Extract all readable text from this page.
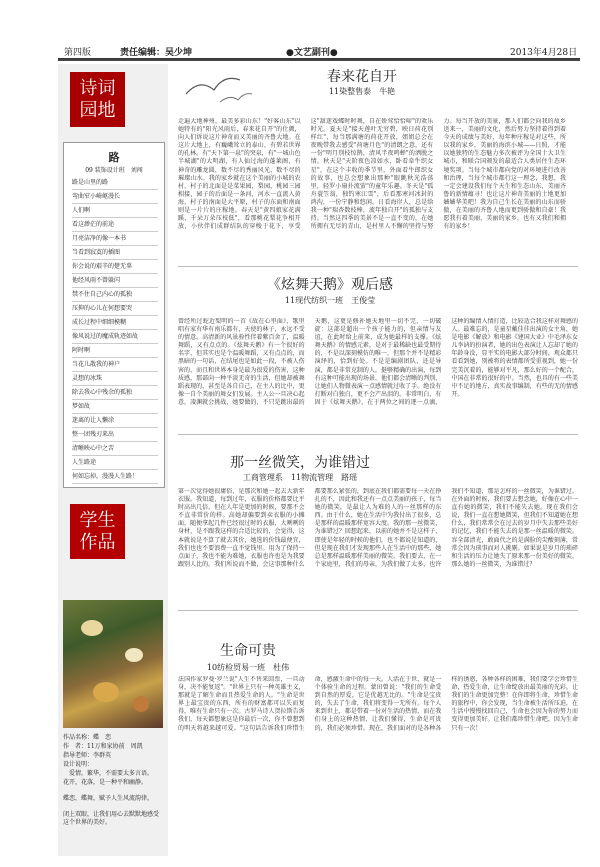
第四版	责任编辑：吴少坤	●文艺副刊●	2013年4月28日
诗词园地
路
09 装饰设计班　刘闯
路是山里的路
弯曲窄小崎岖漫长
人们啊
看这渺茫的前途
月亮洁净的像一本书
当看到寂寞的插图
你会说的艰辛的楚无辜
他经风雨不曾躲闪
禁不住自己内心的孤独
压抑的心儿在何想要哭
成长过程中细细模糊
像风说过的魔成轨迹如故
阿时啊
当花儿散我的神户
灵想的冰珠
除去我心中残余的孤独
梦如故
迷离的让人懒涂
整一团残刃来出
清晰映心中之苦
人生路途
何如忘掉，漫漫人生路！
学生作品
作品名称：蝶　恋
作　者：11万和家协前　周凯
指导老师：李群英
设计说明：
　爱情，繁华，不需要太多言语。
花开，花落，是一种平和幽静。
蝶恋，蝶舞，赋予人生风流韵律。
闭上双眼，让我们用心去默默地感受这个世界的美好。
春来花自开
11染整售泰　牛艳
走遍大地神州，最美多彩山东！"好客山东"以她特有的"阳光风雨后，春来花自开"的仕颜，向人们诉说这片神奇而又美丽的齐鲁大地。在这片大地上，有巍峨耸立的泰山，有碧若世界的孔林，有"天下第一泉"的突泉，有"一城山色半城湖"的大明湖，有人仙过海的蓬莱阁，有神奇的雕龙圆，数不尽的秀丽风光，数不尽的璀璨山水。我的家乡就在这个美丽的小城的农村，村子的北面是是菜果园，梨园，桃园三园相接，园子的后面是一条河，河水一直流入黄海，村子的南面是大平原，村子的东面和南面则是一片片的庄稼地。春天是"黄四娘家花满蹊，千朵万朵压枝低"，看那桃花梨花争相开放，小伙伴们成群结队的穿梭于花下，享受这"甜迷戏蝶时时舞，自在娇莺恰恰啼"的欢乐时光。夏天是"接天莲叶无穷碧，映日荷花别样红"，每当那满塘的荷花开放，姐姐总会在夜晚带我去感受"荷塘月色"的清朗之意，还有一份"明月别枝惊鹊，清风半夜鸣蝉"的洒脱之情。秋天是"天阶夜色凉如水，卧看牵牛织女星"，在这个丰收的季节里，外面看牛郎织女的故事，也总会想象出那种"眼眺秋光浩荡里，轻罗小扇扑流萤"的童年乐趣。冬天是"孤舟蓑笠翁，独钓寒江雪"，后看那寒河冰封的鸿沟，一份宁静和悠闲。日看海岸人，总是给我一种"瑞杏数枝棒，流年独自开"的孤独与支持。当然这四季的美景不是一直不变的，在她所拥有无尽的青山，是村里人不懈的坚持与努力。每当开放的美景，那人们都会向我的故乡送来一，美丽的文化，然后努力坚持着得到着今天的成绩与美好，每年种庄稼是对这些，所以我的家乡，美丽的海滨小城——日照，才能以她独特的生态魅力多次被评为全国十大卫生城市，和联合国颁发的最适合人类居住生态环境奖项。当每个城市都向党的对环境进行改善和治理，当每个城市都行这一理念，我想，我一定会建设我们每个天生和生态山东，美丽齐鲁的新情蕴寻！也让这片神奇美丽的土地更加嫱嫱华美吧！我为自己生长在美丽的山东而骄傲，在美丽的齐鲁人地而更到骄傲和自豪！我愿我有着美丽，美丽的家乡，也有又我们和拥有的家乡！
《炫舞天鹅》观后感
11现代纺织一班　王俊莹
曾经所过蛇近梨明的一首《故在心里面》，歌里唱有家有华有南乐都有，天使的林子，永远不受的情意。高清新的风景验性伴着紫百舍了，温暖舞蹈，又有点点的。《炫舞天鹅》有一个很好的名字，但其实也是个温暖舞蹈，又有点点的，而黑暗的一句话，在结尾也是如此一段，不被人伤害的，而且和世界本身是最为很爱的伤害，这种质感，那部向一种平淡无奇的生活，但她却被舞蹈表现的，甚至是各自自己，在主人的比中，更像一自个美丽的舞女们发展。主人公一旦决心起意，凌渊就会挑战，她要做的，不只是跳出最的天鹅，这更是修补她天地里一切不完，一切破旋：这部是超出一个孩子能力的，但亲情与友谊，在此时给上前来，成为她最样的支撑。《炫舞天鹅》的情感元素，是对于最稀缺也最受期待的，不是以深刻模仿的唯一，但那个并不是精彩演绎的，恰到好处。不是是编剧团队，还是导演，都是非常克制的人，挺够精确的出演，每到有这种可能出现的场景，他们都会清晰的判别，让她们人物微表演一点感情就过收了手。绝没有打断对白独白，更不会产出泪的。非常明白，有固于《炫舞天鹅》，在于两位之间的逐一点滴，这种的编情入情打造，比较适合我这样对舞感的人。最难忘的，是童星戴佳佳出演的女主角，她是电影《解放》和电影《建国大业》中毛泽东女儿李讷的扮演者，她的出色表演让人忘却了她的年龄身没，显平实的电影大部分时间，观众都只看看到她，别被将的表情都所受重视到，她一份完美沉着的，能够对平凡，那么好的一个配合，中国在非常的很好的中。当然，也具的有一些美中不足的地方，真实故事编制，有些的无的情感开。
那一丝微笑，为谁错过
工商管理系　11物流管理　路瑶
第一次觉得她很庸俗，是那次和她一起去大新年衣服。我知道，每到过年，衣服的价格都要比平时高出几倍，但在人年是更加的时候，要那不会不直非常价的样。高她却偏要到卖衣服的小摊面，随便拿起几件已经很过时的衣服，大咧咧的身材，是不跟我这样的合适比较的，会觉得，这本就说是不算了就去其价，她选的价钱最便宜，我们也也不要浪费一直不觉钱里。用为了保持一点面子，我也不能为难她，衣服也许也是为我要跟别人比的。我们所说而不做，会这事那种什么都要那么紧张的，到底在我们都需要每一天在挣扎的不，因此和我还有一点点美丽的孩子，每当她的微笑，是最让人为难的人的一丝那样的东西。由于什么，她在生活中为我付出了很多，总是那样的温暖那样宽容大度。我的那一丝微笑，为谁错过？回想起来，以前的她并不是这样子，即使是年轻的时候的他们，也不都说是知道的，但是现在我们才发现那些人在生活中的那些，她总是那样温暖那样美丽的微笑。我们要去，在一个家庭里，我们的母亲，为我们做了太多，也许我们不知道，那是怎样的一丝微笑，为谁错过。在外面的时候，我们要去想念她，好像在心中一直有她的微笑，我们不能失去她。现在我们会说，我们一直在想她微笑，但我们不知道她在想什么，我们常常会在过去的岁月中失去那些美好的记忆，我们不能失去的是那一丝温暖的微笑。容全部清光，敢面代之的是满脸的尖酸刻薄，常常会因为琐事而对人挑剔。如果说是岁月的琐碎和生活的压力让她失了原来那一份美好的微笑，那么她的一丝微笑，为谁错过？
生命可贵
10纺检贸易一班　杜伟
法国作家罗曼·罗兰说"人生不售来回票，一旦动身，决不能复返"。"世界上只有一种英雄主义，那就是了解生命而且热爱生命的人。"生命是世界上最宝贵的东西，所有的财富都可以失而复得，唯有生命只有一次。古罗马诗人贺拉斯告诉我们，每天都想象这是你最后一次，你不曾想到的明天将越来越可爱。"这句话告诉我们珍惜生命，感激生命中的每一天。人活在于世，就是一个体验生命的过程。蒙田曾说："我们的生命受到自然的厚爱，它是优越无比的。"生命是宝贵的，失去了生命，我们将变得一无所有。每个人来到世上，都是带着一份对生活的热情，而在我们身上的这种热情，让我们懂得，生命是可贵的，我们必须珍惜。现在，我们面对的是各种各样的诱惑，各种各样的困难，我们要学会珍惜生命，热爱生命，让生命绽放出最美丽的光彩。让我们的生命更加完整！在你即将生命，珍惜生命的旅程中，你会发现，当生命被生活所压迫，在生活中慢慢找回自己，生命也会因为你的努力而变得更加美好。让我们都珍惜生命吧，因为生命只有一次！
